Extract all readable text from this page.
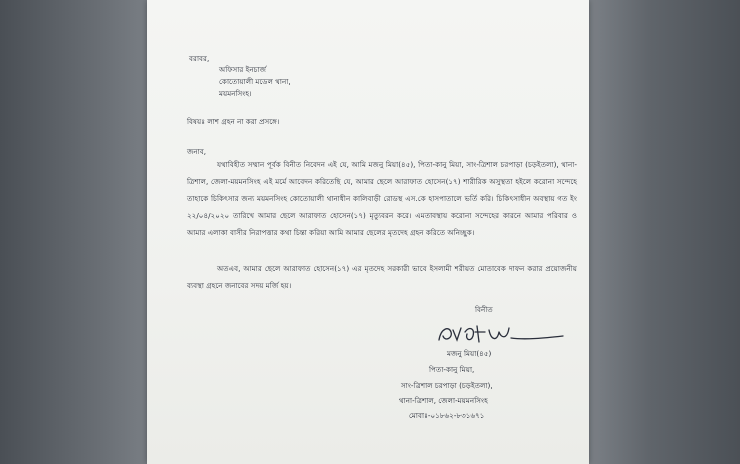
বরাবর,
অফিসার ইনচার্জ
কোতোয়ালী মডেল থানা,
ময়মনসিংহ।
বিষয়ঃ লাশ গ্রহন না করা প্রসঙ্গে।
জনাব,
যথাবিহীত সম্মান পূর্বক বিনীত নিবেদন এই যে, আমি মজনু মিয়া(৪৫), পিতা-কানু মিয়া, সাং-ত্রিশাল চরপাড়া (চড়ইতলা), থানা-ত্রিশাল, জেলা-ময়মনসিংহ এই মর্মে আবেদন করিতেছি যে, আমার ছেলে আরাফাত হোসেন(১৭) শারীরিক অসুস্থতা হইলে করোনা সন্দেহে তাহাকে চিকিৎসার জন্য ময়মনসিংহ কোতোয়ালী থানাধীন কালিবাড়ী রোডস্থ এস.কে হাসপাতালে ভর্তি করি। চিকিৎসাধীন অবস্থায় গত ইং ২২/০৪/২০২০ তারিখে আমার ছেলে আরাফাত হোসেন(১৭) মৃত্যুবরন করে। এমতাবস্থায় করোনা সন্দেহের কারনে আমার পরিবার ও আমার এলাকা বাসীর নিরাপত্তার কথা চিন্তা করিয়া আমি আমার ছেলের মৃতদেহ গ্রহন করিতে অনিচ্ছুক।
অতএব, আমার ছেলে আরাফাত হোসেন(১৭) এর মৃতদেহ সরকারী ভাবে ইসলামী শরীয়ত মোতাবেক দাফন করার প্রয়োজনীয় ব্যবস্থা গ্রহনে জনাবের সদয় মর্জি হয়।
বিনীত
মজনু মিয়া(৪৫)
পিতা-কানু মিয়া,
সাং-ত্রিশাল চরপাড়া (চড়ইতলা),
থানা-ত্রিশাল, জেলা-ময়মনসিংহ
মোবাঃ-০১৮৬২-৮৩১৬৭১
